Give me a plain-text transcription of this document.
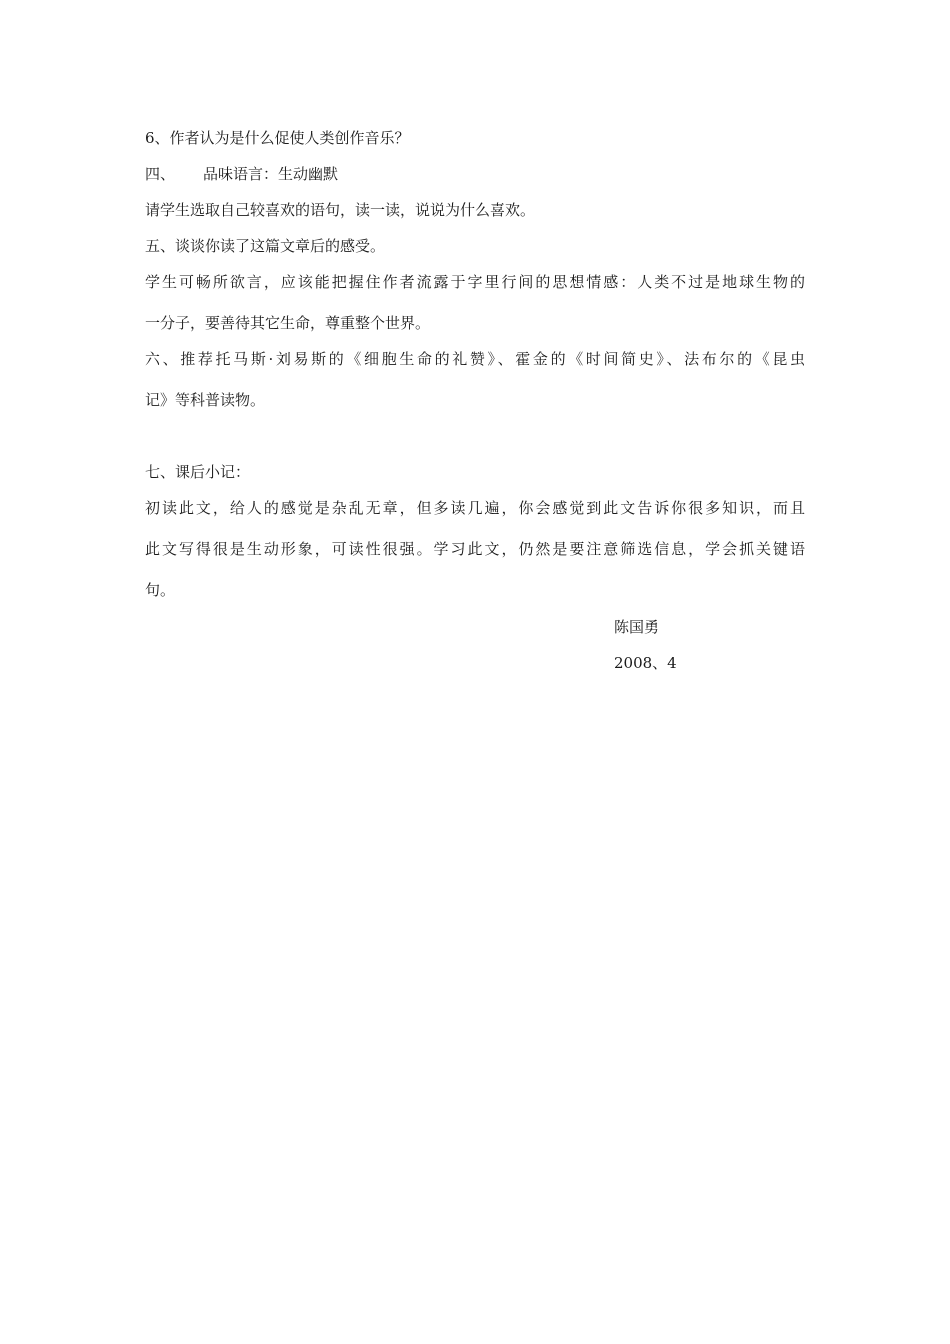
6、作者认为是什么促使人类创作音乐？
四、 品味语言：生动幽默
请学生选取自己较喜欢的语句，读一读，说说为什么喜欢。
五、谈谈你读了这篇文章后的感受。
学生可畅所欲言，应该能把握住作者流露于字里行间的思想情感：人类不过是地球生物的
一分子，要善待其它生命，尊重整个世界。
六、推荐托马斯·刘易斯的《细胞生命的礼赞》、霍金的《时间简史》、法布尔的《昆虫
记》等科普读物。
七、课后小记：
初读此文，给人的感觉是杂乱无章，但多读几遍，你会感觉到此文告诉你很多知识，而且
此文写得很是生动形象，可读性很强。学习此文，仍然是要注意筛选信息，学会抓关键语
句。
陈国勇
2008、4
